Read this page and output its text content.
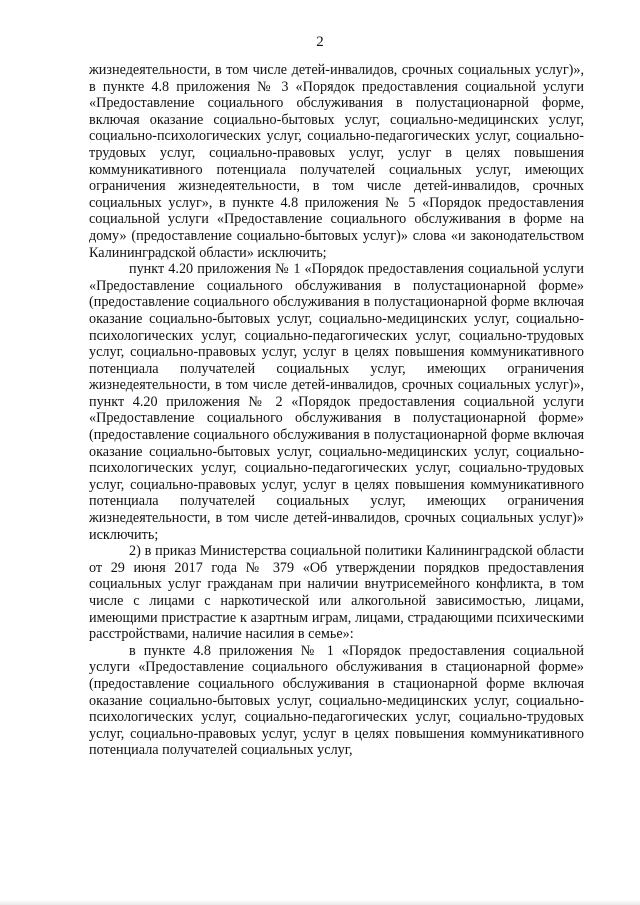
2

жизнедеятельности, в том числе детей-инвалидов, срочных социальных услуг)», в пункте 4.8 приложения № 3 «Порядок предоставления социальной услуги «Предоставление социального обслуживания в полустационарной форме, включая оказание социально-бытовых услуг, социально-медицинских услуг, социально-психологических услуг, социально-педагогических услуг, социально-трудовых услуг, социально-правовых услуг, услуг в целях повышения коммуникативного потенциала получателей социальных услуг, имеющих ограничения жизнедеятельности, в том числе детей-инвалидов, срочных социальных услуг», в пункте 4.8 приложения № 5 «Порядок предоставления социальной услуги «Предоставление социального обслуживания в форме на дому» (предоставление социально-бытовых услуг)» слова «и законодательством Калининградской области» исключить;

пункт 4.20 приложения № 1 «Порядок предоставления социальной услуги «Предоставление социального обслуживания в полустационарной форме» (предоставление социального обслуживания в полустационарной форме включая оказание социально-бытовых услуг, социально-медицинских услуг, социально-психологических услуг, социально-педагогических услуг, социально-трудовых услуг, социально-правовых услуг, услуг в целях повышения коммуникативного потенциала получателей социальных услуг, имеющих ограничения жизнедеятельности, в том числе детей-инвалидов, срочных социальных услуг)», пункт 4.20 приложения № 2 «Порядок предоставления социальной услуги «Предоставление социального обслуживания в полустационарной форме» (предоставление социального обслуживания в полустационарной форме включая оказание социально-бытовых услуг, социально-медицинских услуг, социально-психологических услуг, социально-педагогических услуг, социально-трудовых услуг, социально-правовых услуг, услуг в целях повышения коммуникативного потенциала получателей социальных услуг, имеющих ограничения жизнедеятельности, в том числе детей-инвалидов, срочных социальных услуг)» исключить;

2) в приказ Министерства социальной политики Калининградской области от 29 июня 2017 года № 379 «Об утверждении порядков предоставления социальных услуг гражданам при наличии внутрисемейного конфликта, в том числе с лицами с наркотической или алкогольной зависимостью, лицами, имеющими пристрастие к азартным играм, лицами, страдающими психическими расстройствами, наличие насилия в семье»:

в пункте 4.8 приложения № 1 «Порядок предоставления социальной услуги «Предоставление социального обслуживания в стационарной форме» (предоставление социального обслуживания в стационарной форме включая оказание социально-бытовых услуг, социально-медицинских услуг, социально-психологических услуг, социально-педагогических услуг, социально-трудовых услуг, социально-правовых услуг, услуг в целях повышения коммуникативного потенциала получателей социальных услуг,
